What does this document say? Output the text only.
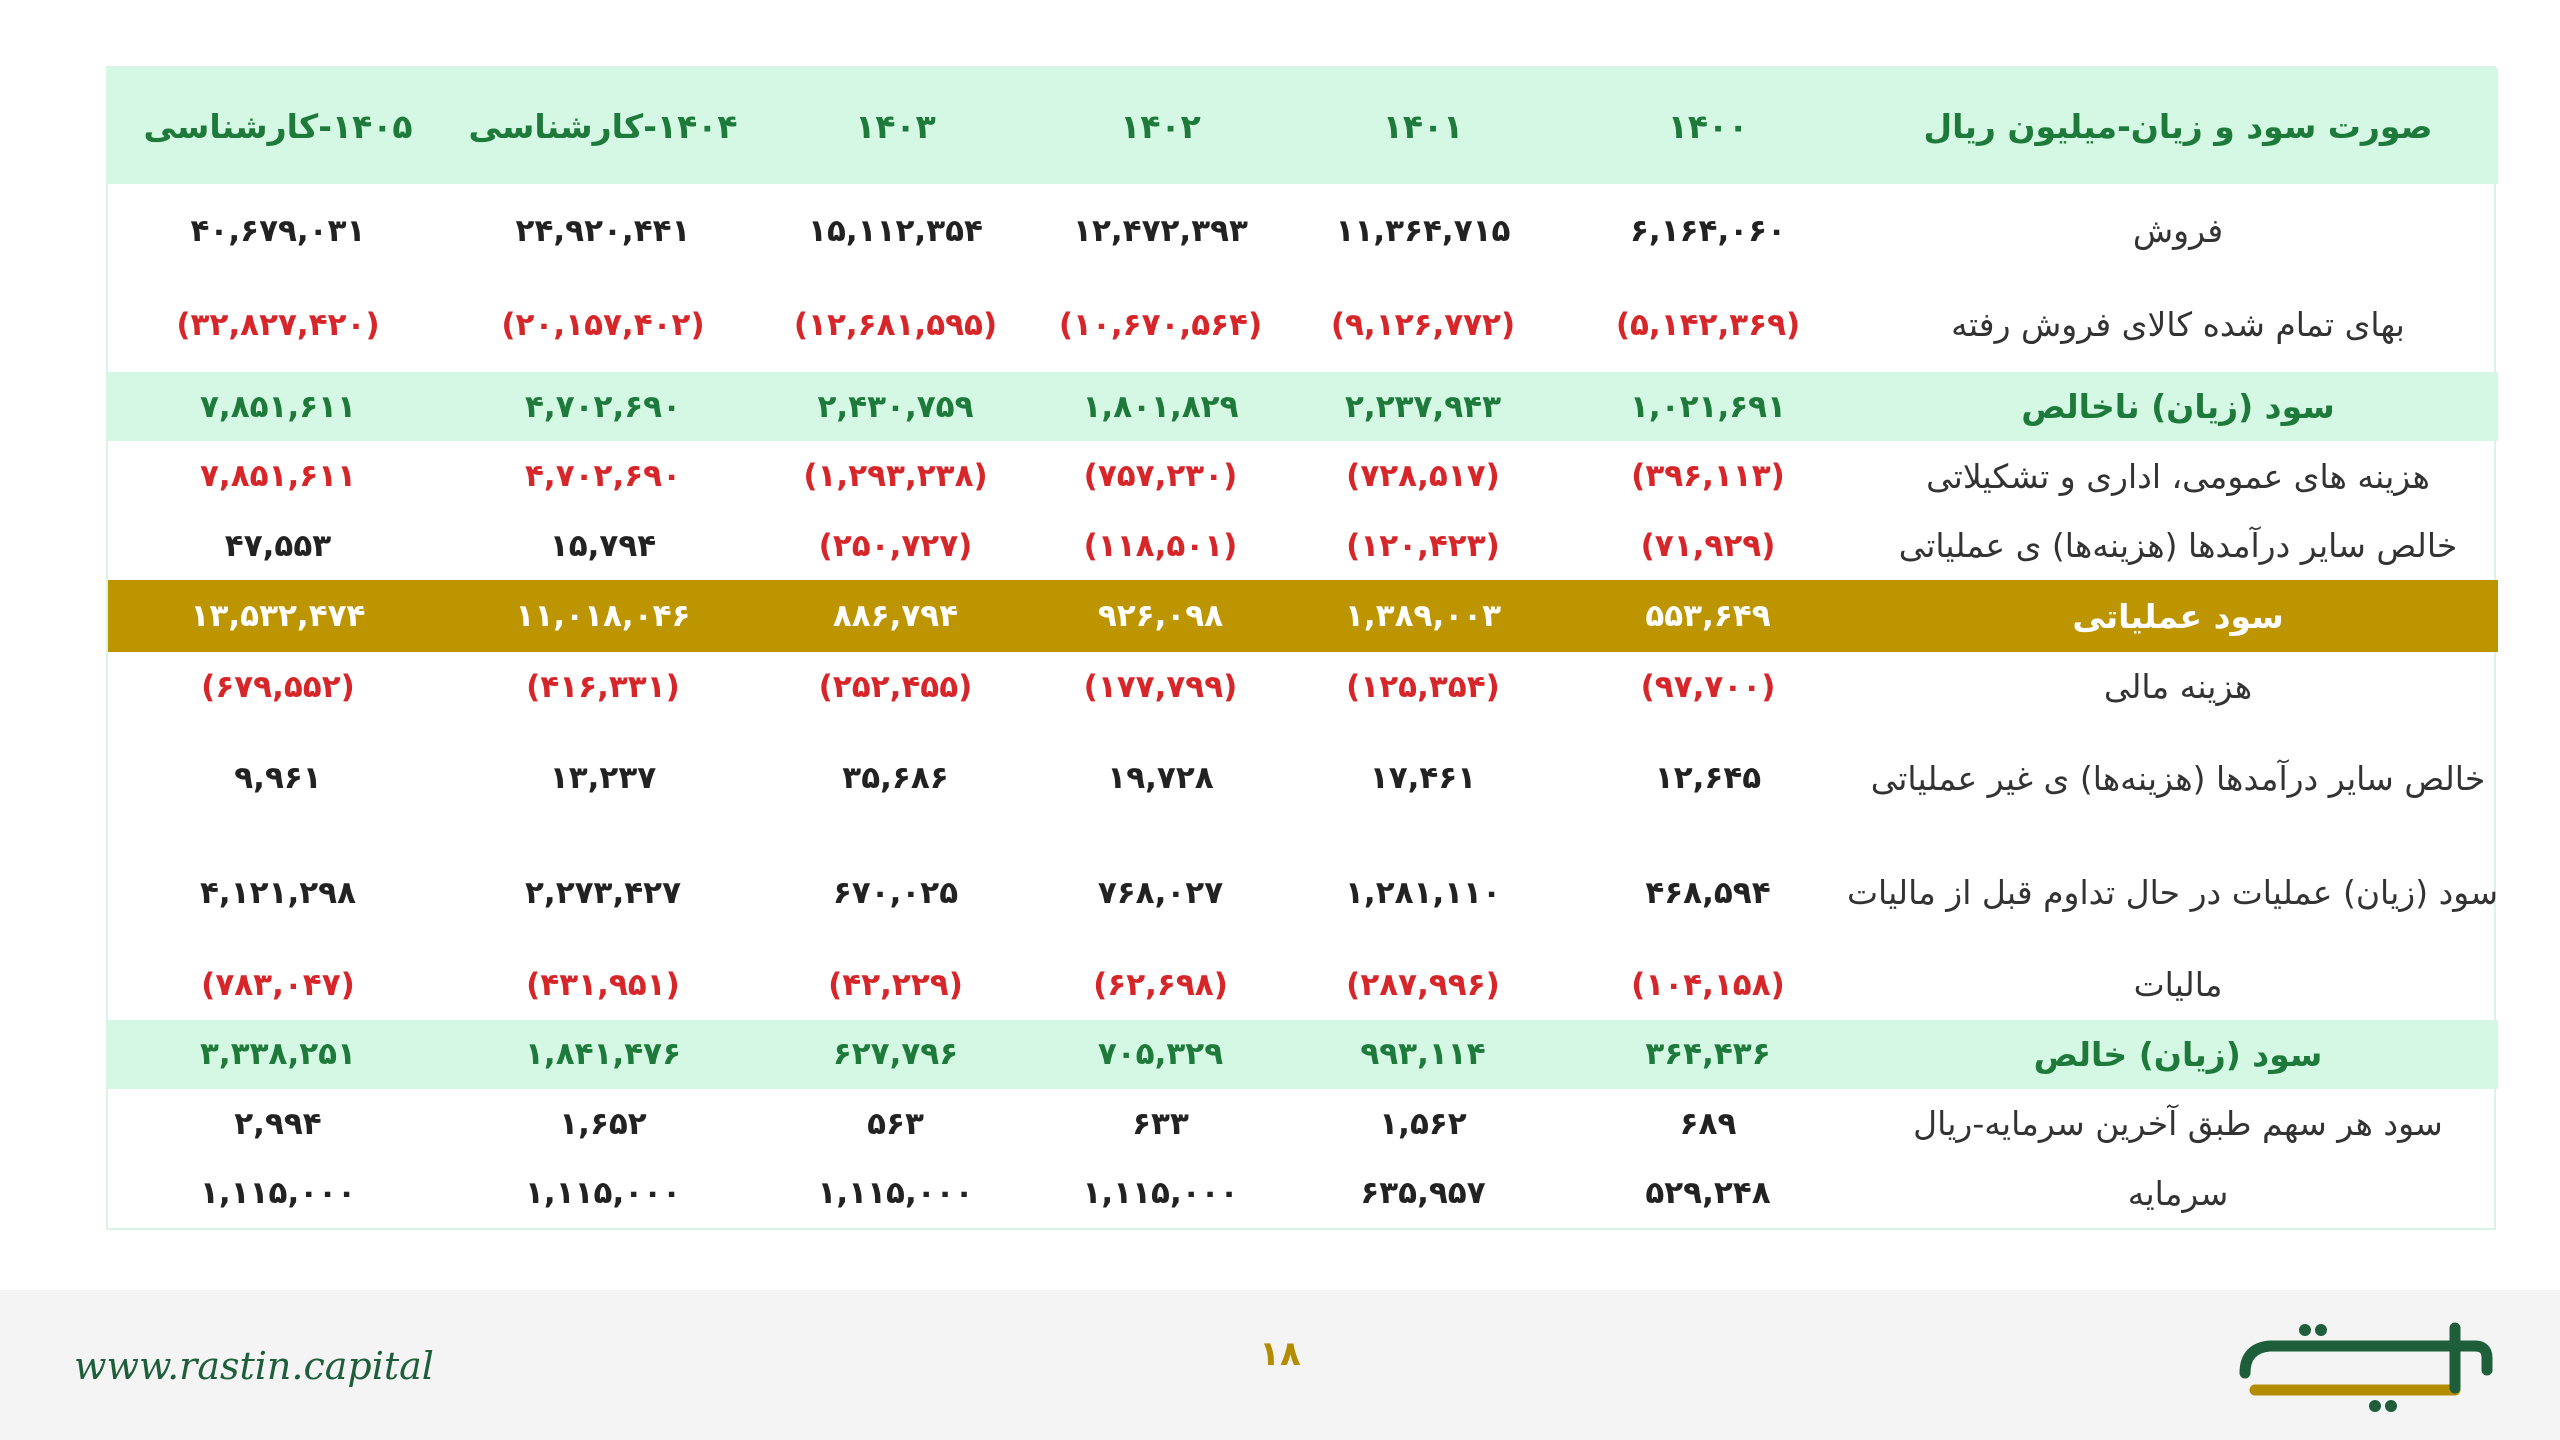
صورت سود و زیان-میلیون ریال	۱۴۰۰	۱۴۰۱	۱۴۰۲	۱۴۰۳	۱۴۰۴-کارشناسی	۱۴۰۵-کارشناسی
فروش	۶,۱۶۴,۰۶۰	۱۱,۳۶۴,۷۱۵	۱۲,۴۷۲,۳۹۳	۱۵,۱۱۲,۳۵۴	۲۴,۹۲۰,۴۴۱	۴۰,۶۷۹,۰۳۱
بهای تمام شده کالای فروش رفته	(۵,۱۴۲,۳۶۹)	(۹,۱۲۶,۷۷۲)	(۱۰,۶۷۰,۵۶۴)	(۱۲,۶۸۱,۵۹۵)	(۲۰,۱۵۷,۴۰۲)	(۳۲,۸۲۷,۴۲۰)
سود (زیان) ناخالص	۱,۰۲۱,۶۹۱	۲,۲۳۷,۹۴۳	۱,۸۰۱,۸۲۹	۲,۴۳۰,۷۵۹	۴,۷۰۲,۶۹۰	۷,۸۵۱,۶۱۱
هزینه های عمومی، اداری و تشکیلاتی	(۳۹۶,۱۱۳)	(۷۲۸,۵۱۷)	(۷۵۷,۲۳۰)	(۱,۲۹۳,۲۳۸)	۴,۷۰۲,۶۹۰	۷,۸۵۱,۶۱۱
خالص سایر درآمدها (هزینه‌ها) ی عملیاتی	(۷۱,۹۲۹)	(۱۲۰,۴۲۳)	(۱۱۸,۵۰۱)	(۲۵۰,۷۲۷)	۱۵,۷۹۴	۴۷,۵۵۳
سود عملیاتی	۵۵۳,۶۴۹	۱,۳۸۹,۰۰۳	۹۲۶,۰۹۸	۸۸۶,۷۹۴	۱۱,۰۱۸,۰۴۶	۱۳,۵۳۲,۴۷۴
هزینه مالی	(۹۷,۷۰۰)	(۱۲۵,۳۵۴)	(۱۷۷,۷۹۹)	(۲۵۲,۴۵۵)	(۴۱۶,۳۳۱)	(۶۷۹,۵۵۲)
خالص سایر درآمدها (هزینه‌ها) ی غیر عملیاتی	۱۲,۶۴۵	۱۷,۴۶۱	۱۹,۷۲۸	۳۵,۶۸۶	۱۳,۲۳۷	۹,۹۶۱
سود (زیان) عملیات در حال تداوم قبل از مالیات	۴۶۸,۵۹۴	۱,۲۸۱,۱۱۰	۷۶۸,۰۲۷	۶۷۰,۰۲۵	۲,۲۷۳,۴۲۷	۴,۱۲۱,۲۹۸
مالیات	(۱۰۴,۱۵۸)	(۲۸۷,۹۹۶)	(۶۲,۶۹۸)	(۴۲,۲۲۹)	(۴۳۱,۹۵۱)	(۷۸۳,۰۴۷)
سود (زیان) خالص	۳۶۴,۴۳۶	۹۹۳,۱۱۴	۷۰۵,۳۲۹	۶۲۷,۷۹۶	۱,۸۴۱,۴۷۶	۳,۳۳۸,۲۵۱
سود هر سهم طبق آخرین سرمایه-ریال	۶۸۹	۱,۵۶۲	۶۳۳	۵۶۳	۱,۶۵۲	۲,۹۹۴
سرمایه	۵۲۹,۲۴۸	۶۳۵,۹۵۷	۱,۱۱۵,۰۰۰	۱,۱۱۵,۰۰۰	۱,۱۱۵,۰۰۰	۱,۱۱۵,۰۰۰
www.rastin.capital	۱۸
